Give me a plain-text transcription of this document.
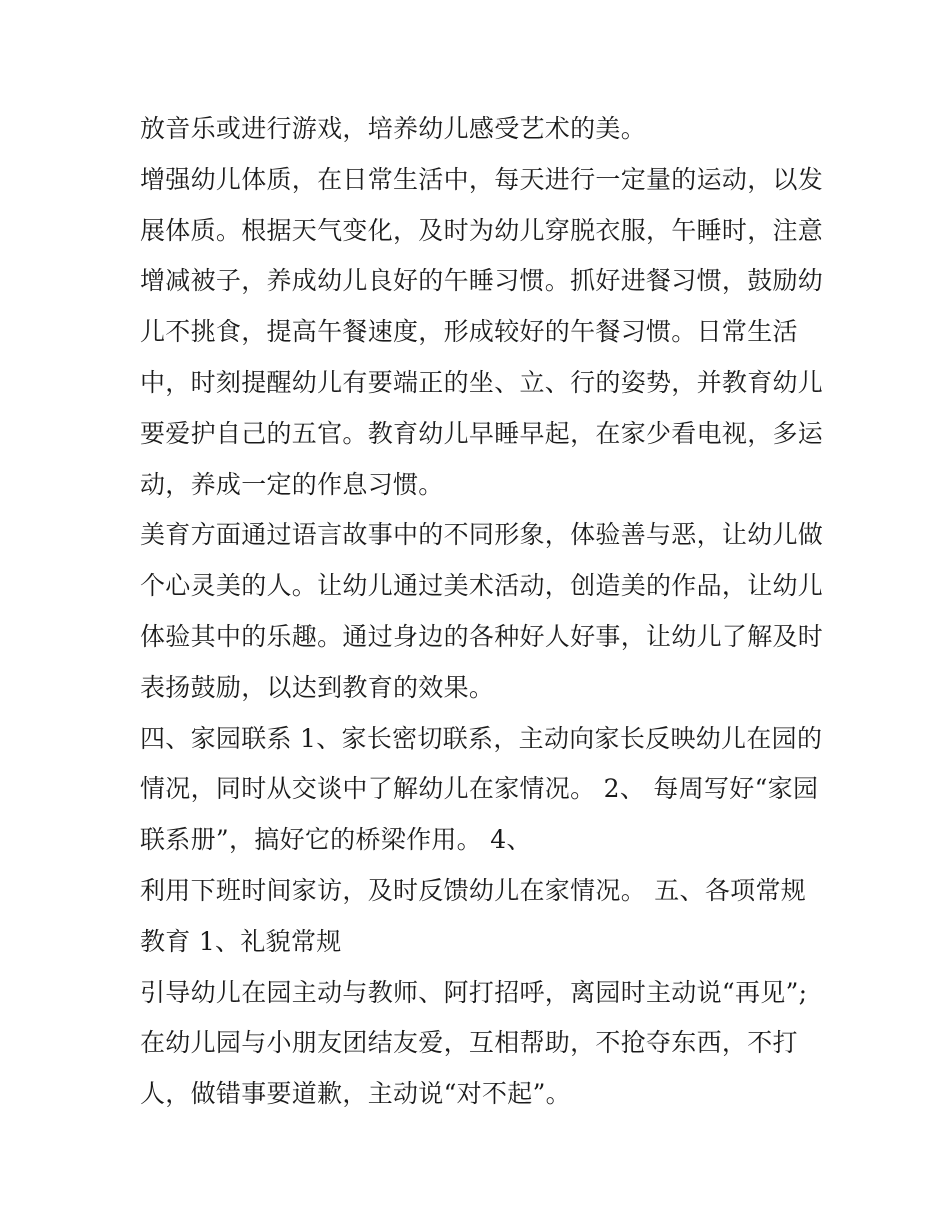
放音乐或进行游戏，培养幼儿感受艺术的美。
增强幼儿体质，在日常生活中，每天进行一定量的运动，以发
展体质。根据天气变化，及时为幼儿穿脱衣服，午睡时，注意
增减被子，养成幼儿良好的午睡习惯。抓好进餐习惯，鼓励幼
儿不挑食，提高午餐速度，形成较好的午餐习惯。日常生活
中，时刻提醒幼儿有要端正的坐、立、行的姿势，并教育幼儿
要爱护自己的五官。教育幼儿早睡早起，在家少看电视，多运
动，养成一定的作息习惯。
美育方面通过语言故事中的不同形象，体验善与恶，让幼儿做
个心灵美的人。让幼儿通过美术活动，创造美的作品，让幼儿
体验其中的乐趣。通过身边的各种好人好事，让幼儿了解及时
表扬鼓励，以达到教育的效果。
四、家园联系 1、家长密切联系，主动向家长反映幼儿在园的
情况，同时从交谈中了解幼儿在家情况。 2、 每周写好“家园
联系册”，搞好它的桥梁作用。 4、
利用下班时间家访，及时反馈幼儿在家情况。 五、各项常规
教育 1、礼貌常规
引导幼儿在园主动与教师、阿打招呼，离园时主动说“再见”;
在幼儿园与小朋友团结友爱，互相帮助，不抢夺东西，不打
人，做错事要道歉，主动说“对不起”。
